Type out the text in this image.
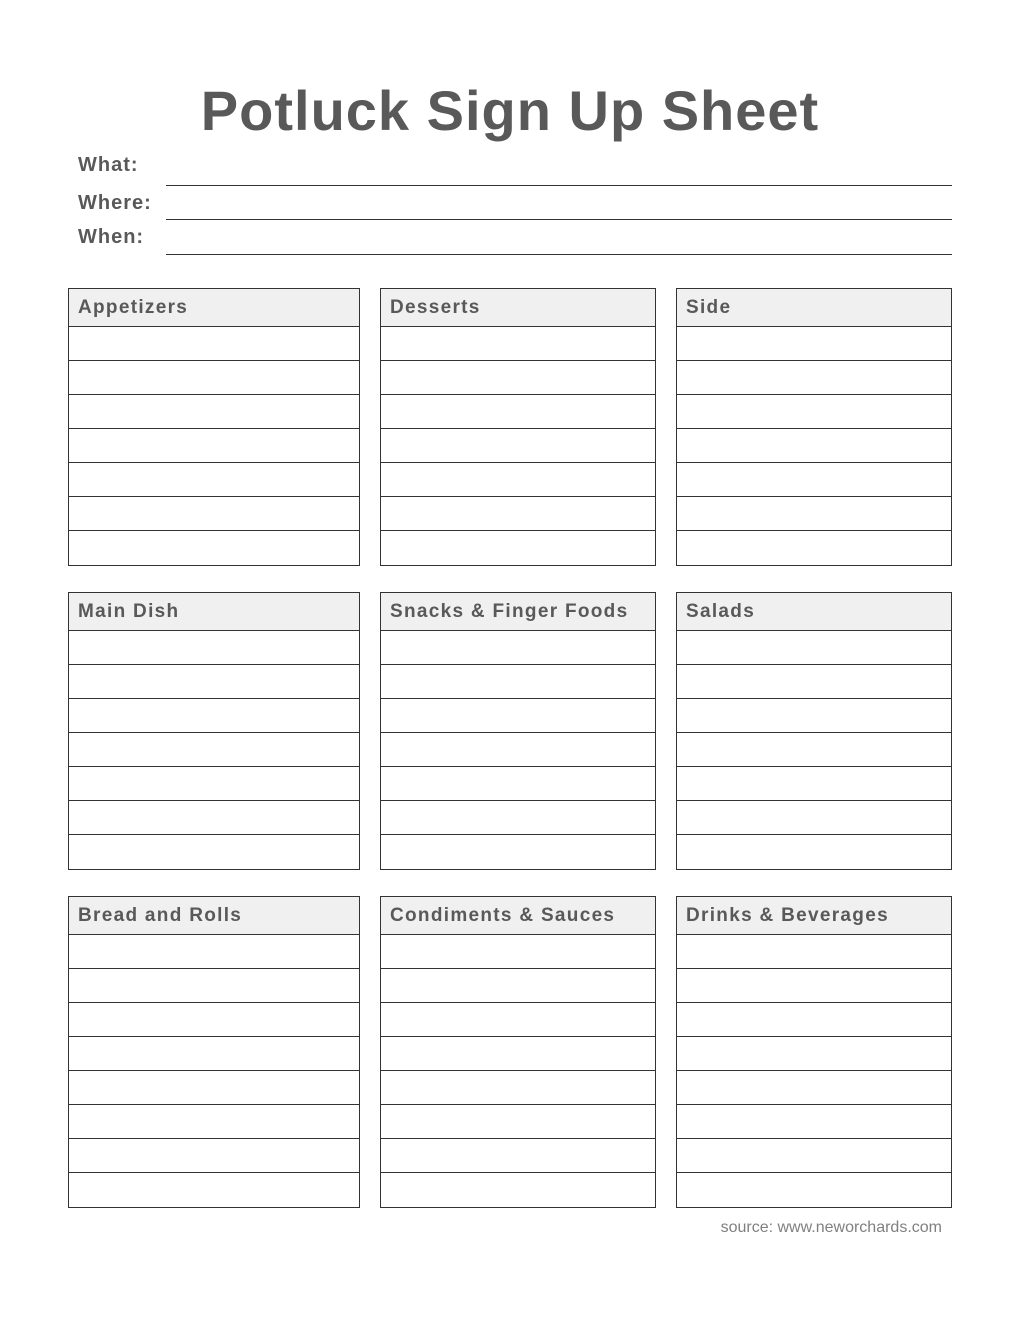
Potluck Sign Up Sheet
What:
Where:
When:
Appetizers	Desserts	Side
Main Dish	Snacks & Finger Foods	Salads
Bread and Rolls	Condiments & Sauces	Drinks & Beverages
source: www.neworchards.com
